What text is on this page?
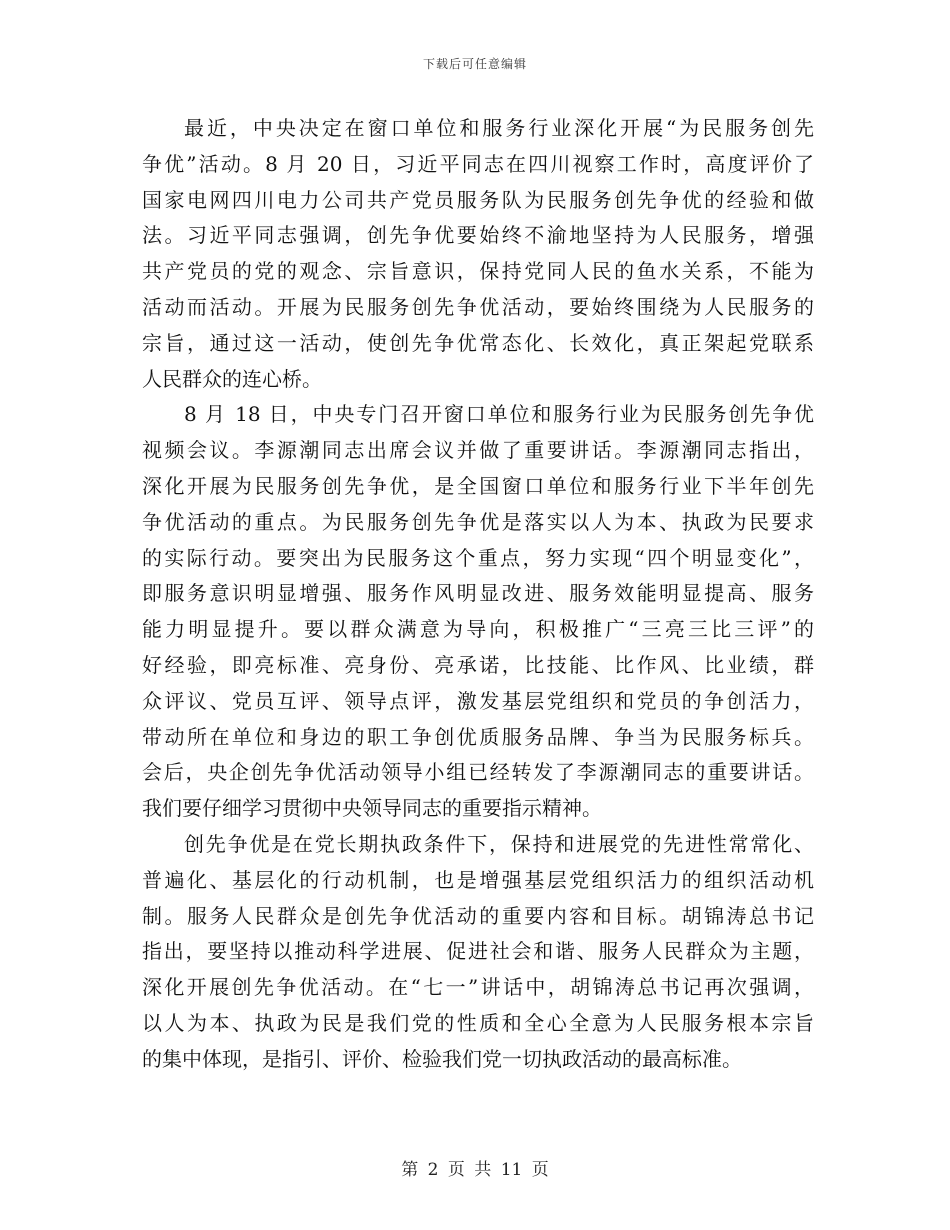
下载后可任意编辑
最近，中央决定在窗口单位和服务行业深化开展“为民服务创先
争优”活动。8 月 20 日，习近平同志在四川视察工作时，高度评价了
国家电网四川电力公司共产党员服务队为民服务创先争优的经验和做
法。习近平同志强调，创先争优要始终不渝地坚持为人民服务，增强
共产党员的党的观念、宗旨意识，保持党同人民的鱼水关系，不能为
活动而活动。开展为民服务创先争优活动，要始终围绕为人民服务的
宗旨，通过这一活动，使创先争优常态化、长效化，真正架起党联系
人民群众的连心桥。
8 月 18 日，中央专门召开窗口单位和服务行业为民服务创先争优
视频会议。李源潮同志出席会议并做了重要讲话。李源潮同志指出，
深化开展为民服务创先争优，是全国窗口单位和服务行业下半年创先
争优活动的重点。为民服务创先争优是落实以人为本、执政为民要求
的实际行动。要突出为民服务这个重点，努力实现“四个明显变化”，
即服务意识明显增强、服务作风明显改进、服务效能明显提高、服务
能力明显提升。要以群众满意为导向，积极推广“三亮三比三评”的
好经验，即亮标准、亮身份、亮承诺，比技能、比作风、比业绩，群
众评议、党员互评、领导点评，激发基层党组织和党员的争创活力，
带动所在单位和身边的职工争创优质服务品牌、争当为民服务标兵。
会后，央企创先争优活动领导小组已经转发了李源潮同志的重要讲话。
我们要仔细学习贯彻中央领导同志的重要指示精神。
创先争优是在党长期执政条件下，保持和进展党的先进性常常化、
普遍化、基层化的行动机制，也是增强基层党组织活力的组织活动机
制。服务人民群众是创先争优活动的重要内容和目标。胡锦涛总书记
指出，要坚持以推动科学进展、促进社会和谐、服务人民群众为主题，
深化开展创先争优活动。在“七一”讲话中，胡锦涛总书记再次强调，
以人为本、执政为民是我们党的性质和全心全意为人民服务根本宗旨
的集中体现，是指引、评价、检验我们党一切执政活动的最高标准。
第 2 页 共 11 页
